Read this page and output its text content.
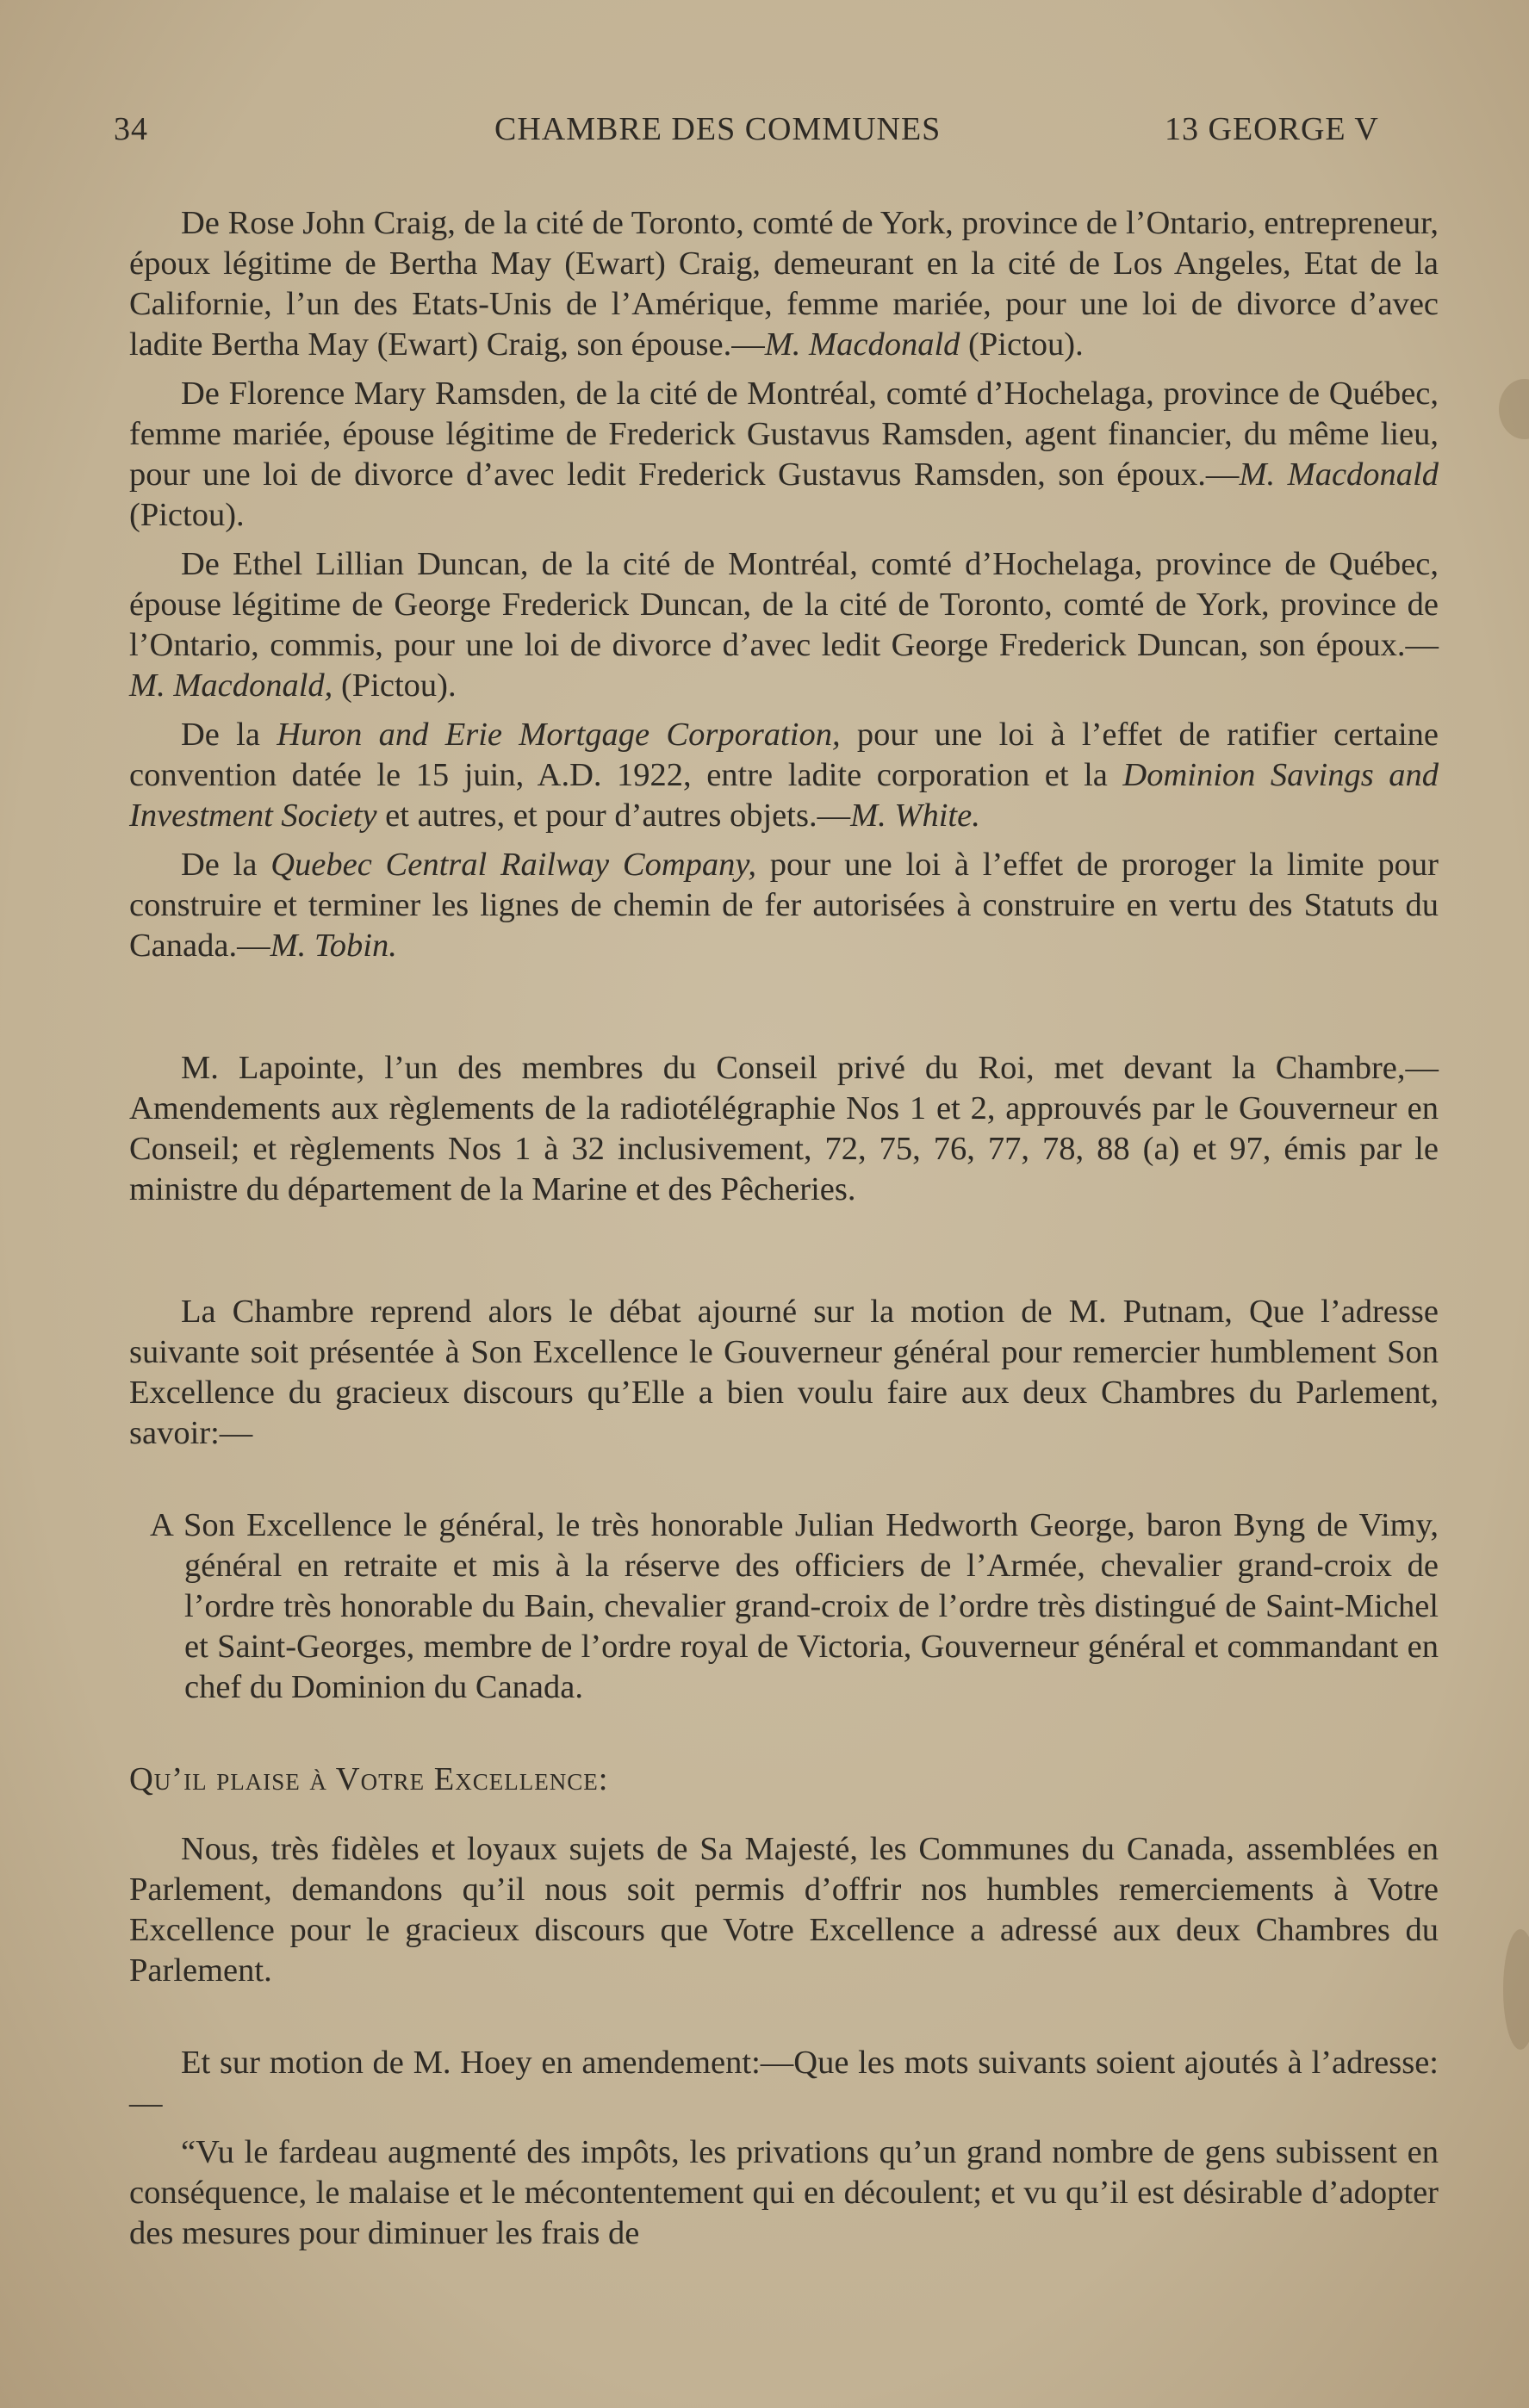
34	CHAMBRE DES COMMUNES	13 GEORGE V

De Rose John Craig, de la cité de Toronto, comté de York, province de l’Ontario, entrepreneur, époux légitime de Bertha May (Ewart) Craig, demeurant en la cité de Los Angeles, Etat de la Californie, l’un des Etats-Unis de l’Amérique, femme mariée, pour une loi de divorce d’avec ladite Bertha May (Ewart) Craig, son épouse.—M. Macdonald (Pictou).

De Florence Mary Ramsden, de la cité de Montréal, comté d’Hochelaga, province de Québec, femme mariée, épouse légitime de Frederick Gustavus Ramsden, agent financier, du même lieu, pour une loi de divorce d’avec ledit Frederick Gustavus Ramsden, son époux.—M. Macdonald (Pictou).

De Ethel Lillian Duncan, de la cité de Montréal, comté d’Hochelaga, province de Québec, épouse légitime de George Frederick Duncan, de la cité de Toronto, comté de York, province de l’Ontario, commis, pour une loi de divorce d’avec ledit George Frederick Duncan, son époux.—M. Macdonald, (Pictou).

De la Huron and Erie Mortgage Corporation, pour une loi à l’effet de ratifier certaine convention datée le 15 juin, A.D. 1922, entre ladite corporation et la Dominion Savings and Investment Society et autres, et pour d’autres objets.—M. White.

De la Quebec Central Railway Company, pour une loi à l’effet de proroger la limite pour construire et terminer les lignes de chemin de fer autorisées à construire en vertu des Statuts du Canada.—M. Tobin.

M. Lapointe, l’un des membres du Conseil privé du Roi, met devant la Chambre,—Amendements aux règlements de la radiotélégraphie Nos 1 et 2, approuvés par le Gouverneur en Conseil; et règlements Nos 1 à 32 inclusivement, 72, 75, 76, 77, 78, 88 (a) et 97, émis par le ministre du département de la Marine et des Pêcheries.

La Chambre reprend alors le débat ajourné sur la motion de M. Putnam, Que l’adresse suivante soit présentée à Son Excellence le Gouverneur général pour remercier humblement Son Excellence du gracieux discours qu’Elle a bien voulu faire aux deux Chambres du Parlement, savoir:—

A Son Excellence le général, le très honorable Julian Hedworth George, baron Byng de Vimy, général en retraite et mis à la réserve des officiers de l’Armée, chevalier grand-croix de l’ordre très honorable du Bain, chevalier grand-croix de l’ordre très distingué de Saint-Michel et Saint-Georges, membre de l’ordre royal de Victoria, Gouverneur général et commandant en chef du Dominion du Canada.

Qu’il plaise à Votre Excellence:

Nous, très fidèles et loyaux sujets de Sa Majesté, les Communes du Canada, assemblées en Parlement, demandons qu’il nous soit permis d’offrir nos humbles remerciements à Votre Excellence pour le gracieux discours que Votre Excellence a adressé aux deux Chambres du Parlement.

Et sur motion de M. Hoey en amendement:—Que les mots suivants soient ajoutés à l’adresse:—

“Vu le fardeau augmenté des impôts, les privations qu’un grand nombre de gens subissent en conséquence, le malaise et le mécontentement qui en découlent; et vu qu’il est désirable d’adopter des mesures pour diminuer les frais de
